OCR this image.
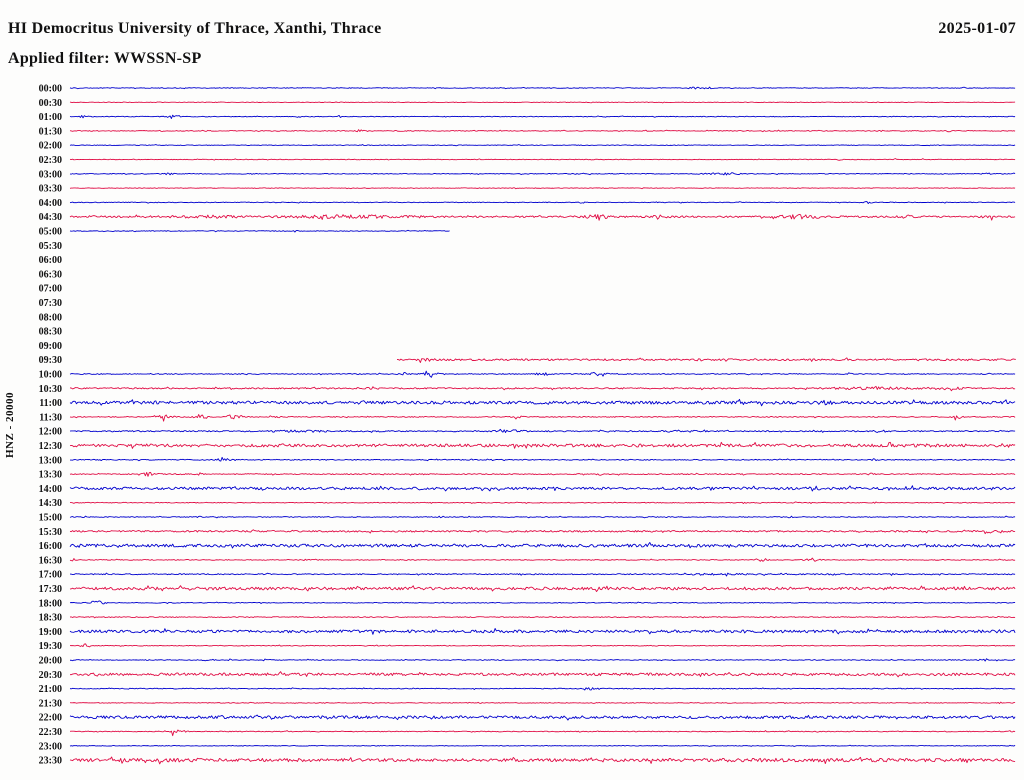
HI Democritus University of Thrace, Xanthi, Thrace	2025-01-07
Applied filter: WWSSN-SP
HNZ - 20000
00:00
00:30
01:00
01:30
02:00
02:30
03:00
03:30
04:00
04:30
05:00
05:30
06:00
06:30
07:00
07:30
08:00
08:30
09:00
09:30
10:00
10:30
11:00
11:30
12:00
12:30
13:00
13:30
14:00
14:30
15:00
15:30
16:00
16:30
17:00
17:30
18:00
18:30
19:00
19:30
20:00
20:30
21:00
21:30
22:00
22:30
23:00
23:30
